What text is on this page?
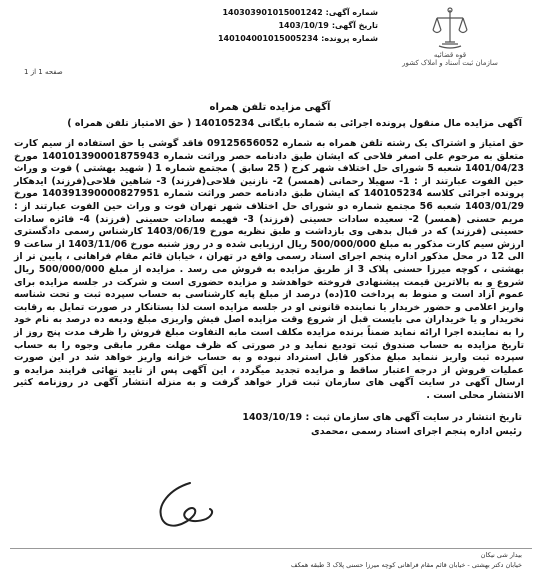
شماره آگهی:
140303901015001242
تاریخ آگهی:
1403/10/19
شماره پرونده:
140104001015005234
قوه قضائیه
سازمان ثبت اسناد و املاک کشور
صفحه 1 از 1
آگهی مزایده تلفن همراه
آگهی مزایده مال منقول پرونده اجرائی به شماره بایگانی 140105234 ( حق الامتیاز تلفن همراه )
حق امتیاز و اشتراک یک رشته تلفن همراه به شماره 09125656052 فاقد گوشی یا حق استفاده از سیم کارت متعلق به مرحوم علی اصغر فلاحی که ایشان طبق دادنامه حصر وراثت شماره 140101390001875943 مورخ 1401/04/23 شعبه 5 شورای حل اختلاف شهر کرج ( 25 سابق ) مجتمع شماره 1 ( شهید بهشتی ) فوت و وراث حین الفوت عبارتند از : 1- سهیلا رحمانی (همسر) 2- نازنین فلاحی(فرزند) 3- شاهین فلاحی(فرزند) ایدهکار پرونده اجرائی کلاسه 140105234 که ایشان طبق دادنامه حصر وراثت شماره 140391390000827951 مورخ 1403/01/29 شعبه 56 مجتمع شماره دو شورای حل اختلاف شهر تهران فوت و وراث حین الفوت عبارتند از : مریم حسنی (همسر) 2- سعیده سادات حسینی (فرزند) 3- فهیمه سادات حسینی (فرزند) 4- فائزه سادات حسینی (فرزند) که در قبال بدهی وی بازداشت و طبق نظریه مورخ 1403/06/19 کارشناس رسمی دادگستری ارزش سیم کارت مذکور به مبلغ 500/000/000 ریال ارزیابی شده و در روز شنبه مورخ 1403/11/06 از ساعت 9 الی 12 در محل مذکور اداره پنجم اجرای اسناد رسمی واقع در تهران ، خیابان قائم مقام فراهانی ، پایین تر از بهشتی ، کوچه میرزا حسنی پلاک 3 از طریق مزایده به فروش می رسد . مزایده از مبلغ 500/000/000 ریال شروع و به بالاترین قیمت پیشنهادی فروخته خواهدشد و مزایده حضوری است و شرکت در جلسه مزایده برای عموم آزاد است و منوط به پرداخت 10(ده) درصد از مبلغ پایه کارشناسی به حساب سپرده ثبت و تحت شناسه واریز اعلامی و حضور خریدار یا نماینده قانونی او در جلسه مزایده است لذا بستانکار در صورت تمایل به رقابت نخریدار و یا خریداران می بایست قبل از شروع وقت مزایده اصل فیش واریزی مبلغ ودیعه ده درصد به نام خود را به نماینده اجرا ارائه نماید ضمناً برنده مزایده مکلف است مابه التفاوت مبلغ فروش را ظرف مدت پنج روز از تاریخ مزایده به حساب صندوق ثبت تودیع نماید و در صورتی که ظرف مهلت مقرر مابقی وجوه را به حساب سپرده ثبت واریز ننماید مبلغ مذکور قابل استرداد نبوده و به حساب خزانه واریز خواهد شد در این صورت عملیات فروش از درجه اعتبار ساقط و مزایده تجدید میگردد ، این آگهی پس از تایید نهائی فرایند مزایده و ارسال آگهی در سایت آگهی های سازمان ثبت قرار خواهد گرفت و به منزله انتشار آگهی در روزنامه کثیر الانتشار محلی است .
تاریخ انتشار در سایت آگهی های سازمان ثبت : 1403/10/19
رئیس اداره پنجم اجرای اسناد رسمی ،محمدی
بیدار شی نیکان
خیابان دکتر بهشتی - خیابان قائم مقام فراهانی کوچه میرزا حسنی پلاک 3 طبقه همکف
